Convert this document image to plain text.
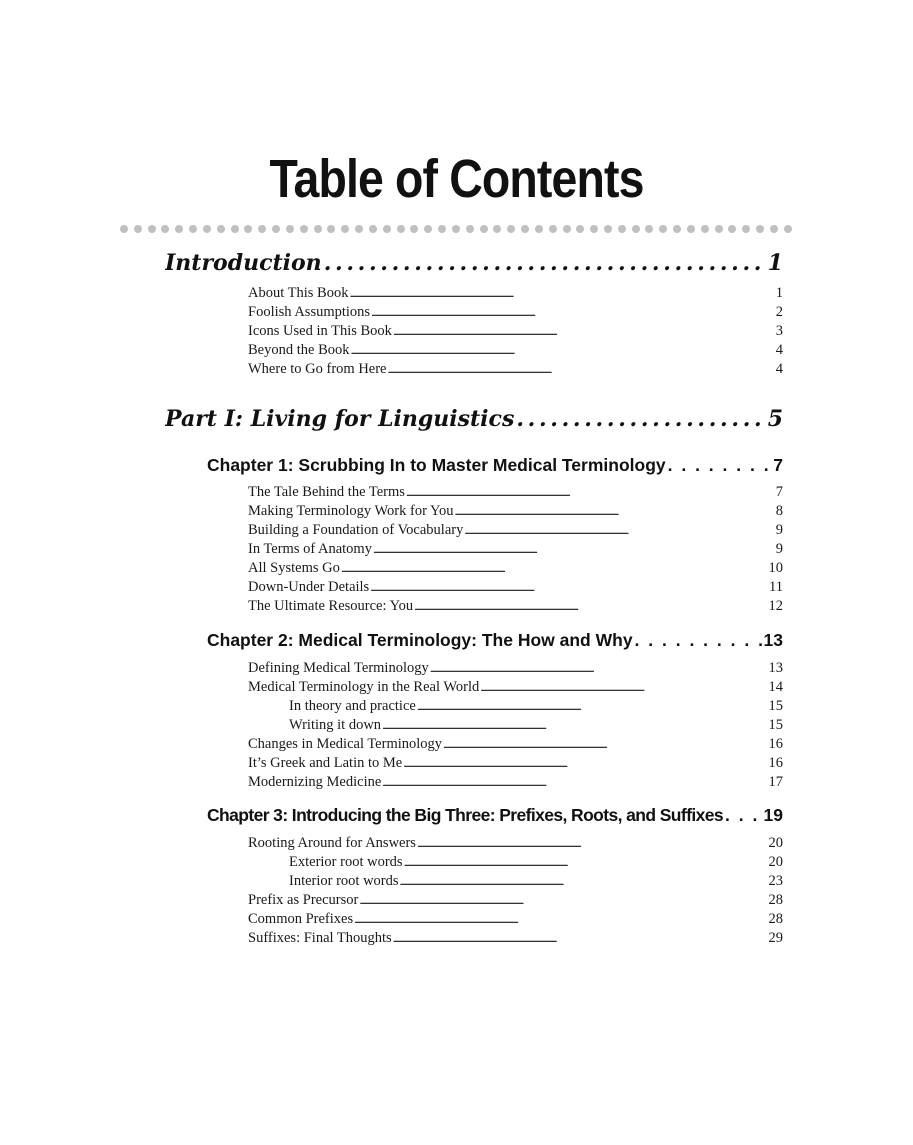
Table of Contents
Introduction . . .	1
About This Book . . .	1
Foolish Assumptions . . .	2
Icons Used in This Book . . .	3
Beyond the Book . . .	4
Where to Go from Here . . .	4
Part I: Living for Linguistics . . .	5
Chapter 1: Scrubbing In to Master Medical Terminology . . .	7
The Tale Behind the Terms . . .	7
Making Terminology Work for You . . .	8
Building a Foundation of Vocabulary . . .	9
In Terms of Anatomy . . .	9
All Systems Go . . .	10
Down-Under Details . . .	11
The Ultimate Resource: You . . .	12
Chapter 2: Medical Terminology: The How and Why . . .	13
Defining Medical Terminology . . .	13
Medical Terminology in the Real World . . .	14
In theory and practice . . .	15
Writing it down . . .	15
Changes in Medical Terminology . . .	16
It’s Greek and Latin to Me . . .	16
Modernizing Medicine . . .	17
Chapter 3: Introducing the Big Three: Prefixes, Roots, and Suffixes . . . 19
Rooting Around for Answers . . .	20
Exterior root words . . .	20
Interior root words . . .	23
Prefix as Precursor . . .	28
Common Prefixes . . .	28
Suffixes: Final Thoughts . . .	29
